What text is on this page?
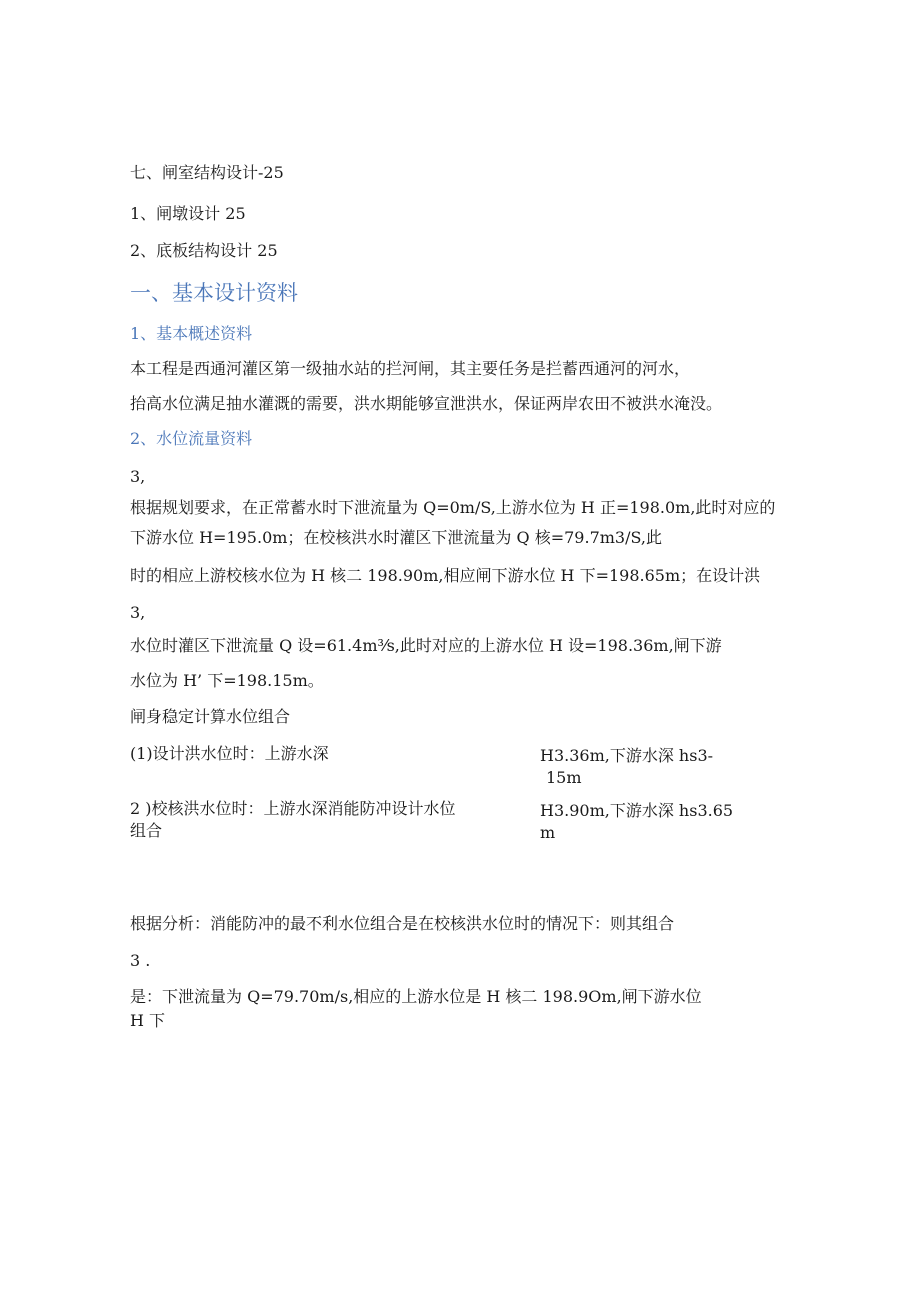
七、闸室结构设计-25
1、闸墩设计 25
2、底板结构设计 25
一、基本设计资料
1、基本概述资料
本工程是西通河灌区第一级抽水站的拦河闸，其主要任务是拦蓄西通河的河水，
抬高水位满足抽水灌溉的需要，洪水期能够宣泄洪水，保证两岸农田不被洪水淹没。
2、水位流量资料
3,
根据规划要求，在正常蓄水时下泄流量为 Q=0m/S,上游水位为 H 正=198.0m,此时对应的
下游水位 H=195.0m；在校核洪水时灌区下泄流量为 Q 核=79.7m3/S,此
时的相应上游校核水位为 H 核二 198.90m,相应闸下游水位 H 下=198.65m；在设计洪
3,
水位时灌区下泄流量 Q 设=61.4m³⁄s,此时对应的上游水位 H 设=198.36m,闸下游
水位为 H’ 下=198.15m。
闸身稳定计算水位组合
(1)设计洪水位时：上游水深	H3.36m,下游水深 hs3-
15m
2 )校核洪水位时：上游水深消能防冲设计水位
组合
H3.90m,下游水深 hs3.65
m
根据分析：消能防冲的最不利水位组合是在校核洪水位时的情况下：则其组合
3 .
是：下泄流量为 Q=79.70m/s,相应的上游水位是 H 核二 198.9Om,闸下游水位
H 下
